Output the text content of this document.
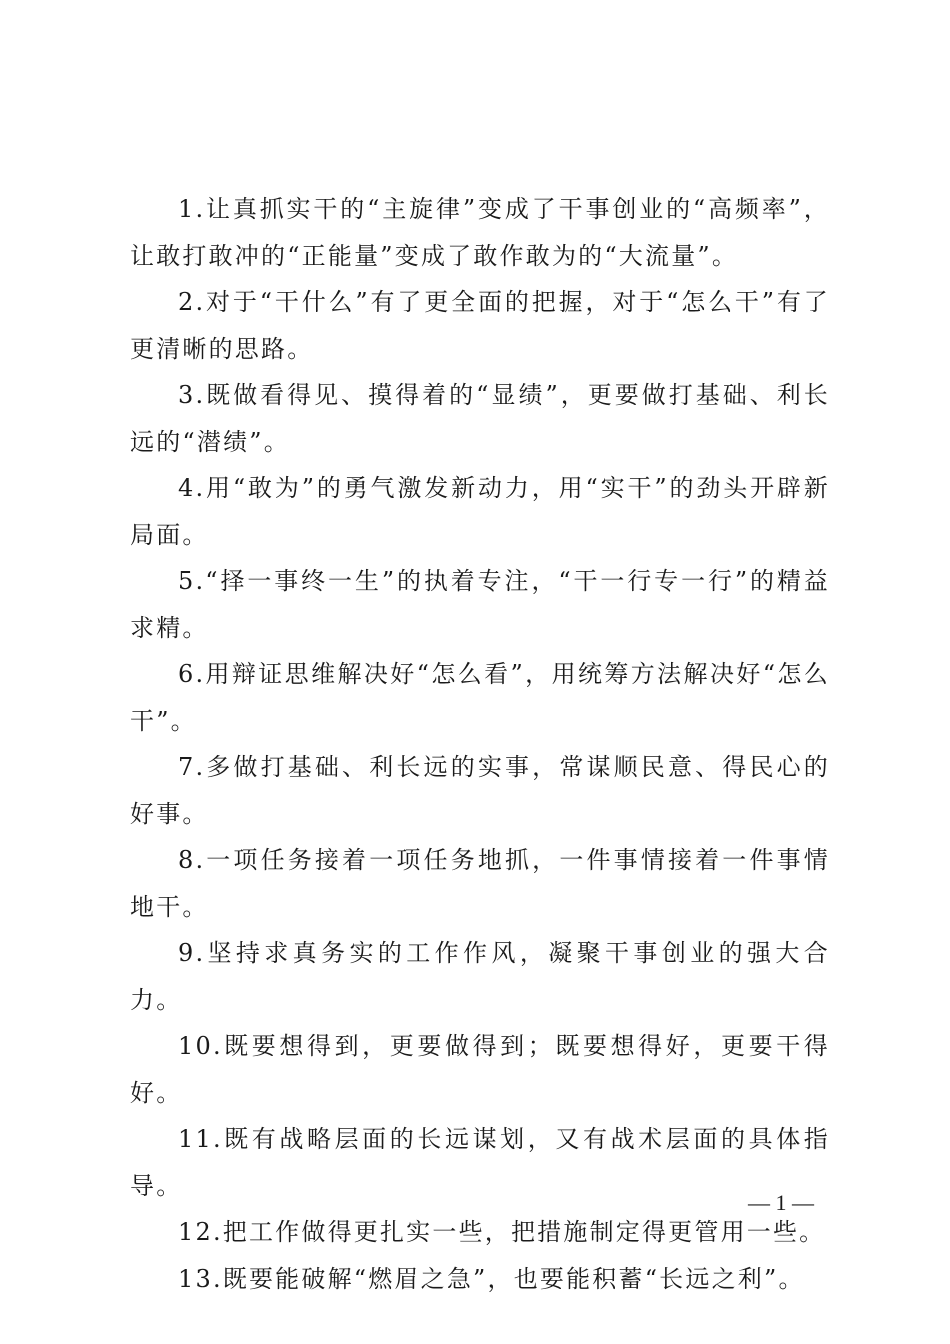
1.让真抓实干的“主旋律”变成了干事创业的“高频率”，让敢打敢冲的“正能量”变成了敢作敢为的“大流量”。

2.对于“干什么”有了更全面的把握，对于“怎么干”有了更清晰的思路。

3.既做看得见、摸得着的“显绩”，更要做打基础、利长远的“潜绩”。

4.用“敢为”的勇气激发新动力，用“实干”的劲头开辟新局面。

5.“择一事终一生”的执着专注，“干一行专一行”的精益求精。

6.用辩证思维解决好“怎么看”，用统筹方法解决好“怎么干”。

7.多做打基础、利长远的实事，常谋顺民意、得民心的好事。

8.一项任务接着一项任务地抓，一件事情接着一件事情地干。

9.坚持求真务实的工作作风，凝聚干事创业的强大合力。

10.既要想得到，更要做得到；既要想得好，更要干得好。

11.既有战略层面的长远谋划，又有战术层面的具体指导。

12.把工作做得更扎实一些，把措施制定得更管用一些。

13.既要能破解“燃眉之急”，也要能积蓄“长远之利”。

— 1 —
